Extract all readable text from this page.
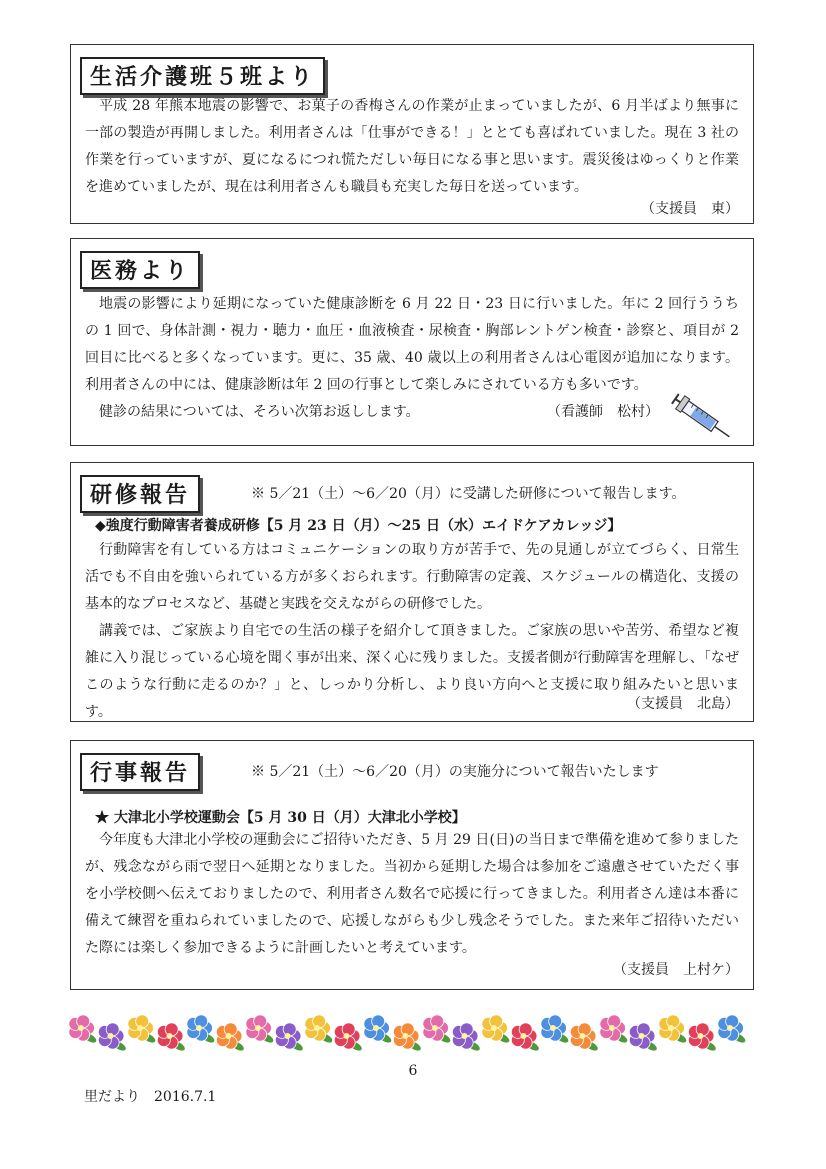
生活介護班５班より

平成 28 年熊本地震の影響で、お菓子の香梅さんの作業が止まっていましたが、6 月半ばより無事に一部の製造が再開しました。利用者さんは「仕事ができる！」ととても喜ばれていました。現在 3 社の作業を行っていますが、夏になるにつれ慌ただしい毎日になる事と思います。震災後はゆっくりと作業を進めていましたが、現在は利用者さんも職員も充実した毎日を送っています。

（支援員　東）
医務より

地震の影響により延期になっていた健康診断を 6 月 22 日・23 日に行いました。年に 2 回行ううちの 1 回で、身体計測・視力・聴力・血圧・血液検査・尿検査・胸部レントゲン検査・診察と、項目が 2 回目に比べると多くなっています。更に、35 歳、40 歳以上の利用者さんは心電図が追加になります。利用者さんの中には、健康診断は年 2 回の行事として楽しみにされている方も多いです。

健診の結果については、そろい次第お返しします。	（看護師　松村）

研修報告	※ 5／21（土）～6／20（月）に受講した研修について報告します。
◆強度行動障害者養成研修【5 月 23 日（月）～25 日（水）エイドケアカレッジ】

行動障害を有している方はコミュニケーションの取り方が苦手で、先の見通しが立てづらく、日常生活でも不自由を強いられている方が多くおられます。行動障害の定義、スケジュールの構造化、支援の基本的なプロセスなど、基礎と実践を交えながらの研修でした。

講義では、ご家族より自宅での生活の様子を紹介して頂きました。ご家族の思いや苦労、希望など複雑に入り混じっている心境を聞く事が出来、深く心に残りました。支援者側が行動障害を理解し、「なぜこのような行動に走るのか？」と、しっかり分析し、より良い方向へと支援に取り組みたいと思います。	（支援員　北島）
行事報告	※ 5／21（土）～6／20（月）の実施分について報告いたします
★ 大津北小学校運動会【5 月 30 日（月）大津北小学校】

今年度も大津北小学校の運動会にご招待いただき、5 月 29 日(日)の当日まで準備を進めて参りましたが、残念ながら雨で翌日へ延期となりました。当初から延期した場合は参加をご遠慮させていただく事を小学校側へ伝えておりましたので、利用者さん数名で応援に行ってきました。利用者さん達は本番に備えて練習を重ねられていましたので、応援しながらも少し残念そうでした。また来年ご招待いただいた際には楽しく参加できるように計画したいと考えています。

（支援員　上村ケ）
6
里だより　2016.7.1
